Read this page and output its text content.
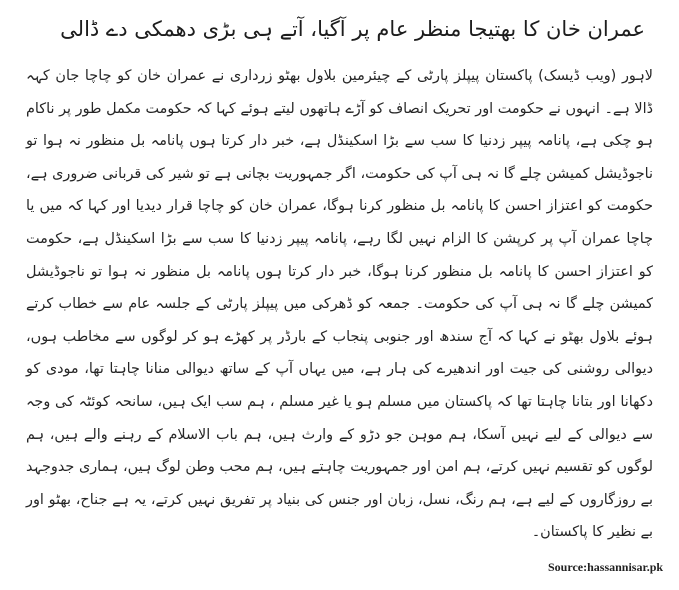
عمران خان کا بھتیجا منظر عام پر آگیا، آتے ہی بڑی دھمکی دے ڈالی

لاہور (ویب ڈیسک) پاکستان پیپلز پارٹی کے چیئرمین بلاول بھٹو زرداری نے عمران خان کو چاچا جان کہہ ڈالا ہے۔ انہوں نے حکومت اور تحریک انصاف کو آڑے ہاتھوں لیتے ہوئے کہا کہ حکومت مکمل طور پر ناکام ہو چکی ہے، پانامہ پیپر زدنیا کا سب سے بڑا اسکینڈل ہے، خبر دار کرتا ہوں پانامہ بل منظور نہ ہوا تو ناجوڈیشل کمیشن چلے گا نہ ہی آپ کی حکومت، اگر جمہوریت بچانی ہے تو شیر کی قربانی ضروری ہے، حکومت کو اعتزاز احسن کا پانامہ بل منظور کرنا ہوگا، عمران خان کو چاچا قرار دیدیا اور کہا کہ میں یا چاچا عمران آپ پر کرپشن کا الزام نہیں لگا رہے، پانامہ پیپر زدنیا کا سب سے بڑا اسکینڈل ہے، حکومت کو اعتزاز احسن کا پانامہ بل منظور کرنا ہوگا، خبر دار کرتا ہوں پانامہ بل منظور نہ ہوا تو ناجوڈیشل کمیشن چلے گا نہ ہی آپ کی حکومت۔ جمعہ کو ڈھرکی میں پیپلز پارٹی کے جلسہ عام سے خطاب کرتے ہوئے بلاول بھٹو نے کہا کہ آج سندھ اور جنوبی پنجاب کے بارڈر پر کھڑے ہو کر لوگوں سے مخاطب ہوں، دیوالی روشنی کی جیت اور اندھیرے کی ہار ہے، میں یہاں آپ کے ساتھ دیوالی منانا چاہتا تھا، مودی کو دکھانا اور بتانا چاہتا تھا کہ پاکستان میں مسلم ہو یا غیر مسلم ، ہم سب ایک ہیں، سانحہ کوئٹہ کی وجہ سے دیوالی کے لیے نہیں آسکا، ہم موہن جو دڑو کے وارث ہیں، ہم باب الاسلام کے رہنے والے ہیں، ہم لوگوں کو تقسیم نہیں کرتے، ہم امن اور جمہوریت چاہتے ہیں، ہم محب وطن لوگ ہیں، ہماری جدوجہد بے روزگاروں کے لیے ہے، ہم رنگ، نسل، زبان اور جنس کی بنیاد پر تفریق نہیں کرتے، یہ ہے جناح، بھٹو اور بے نظیر کا پاکستان۔

Source:hassannisar.pk
